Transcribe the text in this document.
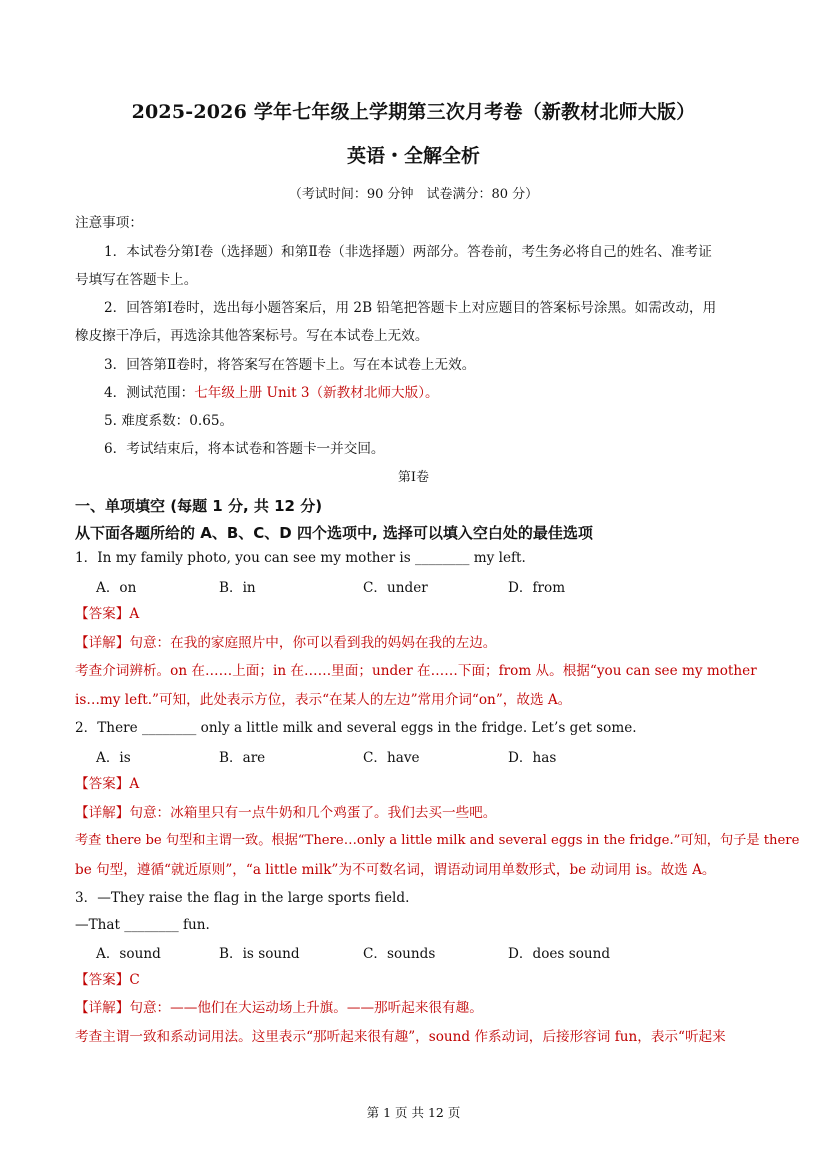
2025-2026 学年七年级上学期第三次月考卷（新教材北师大版）
英语・全解全析
（考试时间：90 分钟　试卷满分：80 分）
注意事项：
1．本试卷分第Ⅰ卷（选择题）和第Ⅱ卷（非选择题）两部分。答卷前，考生务必将自己的姓名、准考证
号填写在答题卡上。
2．回答第Ⅰ卷时，选出每小题答案后，用 2B 铅笔把答题卡上对应题目的答案标号涂黑。如需改动，用
橡皮擦干净后，再选涂其他答案标号。写在本试卷上无效。
3．回答第Ⅱ卷时，将答案写在答题卡上。写在本试卷上无效。
4．测试范围：七年级上册 Unit 3（新教材北师大版）。
5. 难度系数：0.65。
6．考试结束后，将本试卷和答题卡一并交回。
第Ⅰ卷
一、单项填空 (每题 1 分, 共 12 分)
从下面各题所给的 A、B、C、D 四个选项中, 选择可以填入空白处的最佳选项
1．In my family photo, you can see my mother is ________ my left.
A．on	B．in	C．under	D．from
【答案】A
【详解】句意：在我的家庭照片中，你可以看到我的妈妈在我的左边。
考查介词辨析。on 在……上面；in 在……里面；under 在……下面；from 从。根据“you can see my mother
is…my left.”可知，此处表示方位，表示“在某人的左边”常用介词“on”，故选 A。
2．There ________ only a little milk and several eggs in the fridge. Let’s get some.
A．is	B．are	C．have	D．has
【答案】A
【详解】句意：冰箱里只有一点牛奶和几个鸡蛋了。我们去买一些吧。
考查 there be 句型和主谓一致。根据“There…only a little milk and several eggs in the fridge.”可知，句子是 there
be 句型，遵循“就近原则”，“a little milk”为不可数名词，谓语动词用单数形式，be 动词用 is。故选 A。
3．—They raise the flag in the large sports field.
—That ________ fun.
A．sound	B．is sound	C．sounds	D．does sound
【答案】C
【详解】句意：——他们在大运动场上升旗。——那听起来很有趣。
考查主谓一致和系动词用法。这里表示“那听起来很有趣”，sound 作系动词，后接形容词 fun，表示“听起来
第 1 页 共 12 页
